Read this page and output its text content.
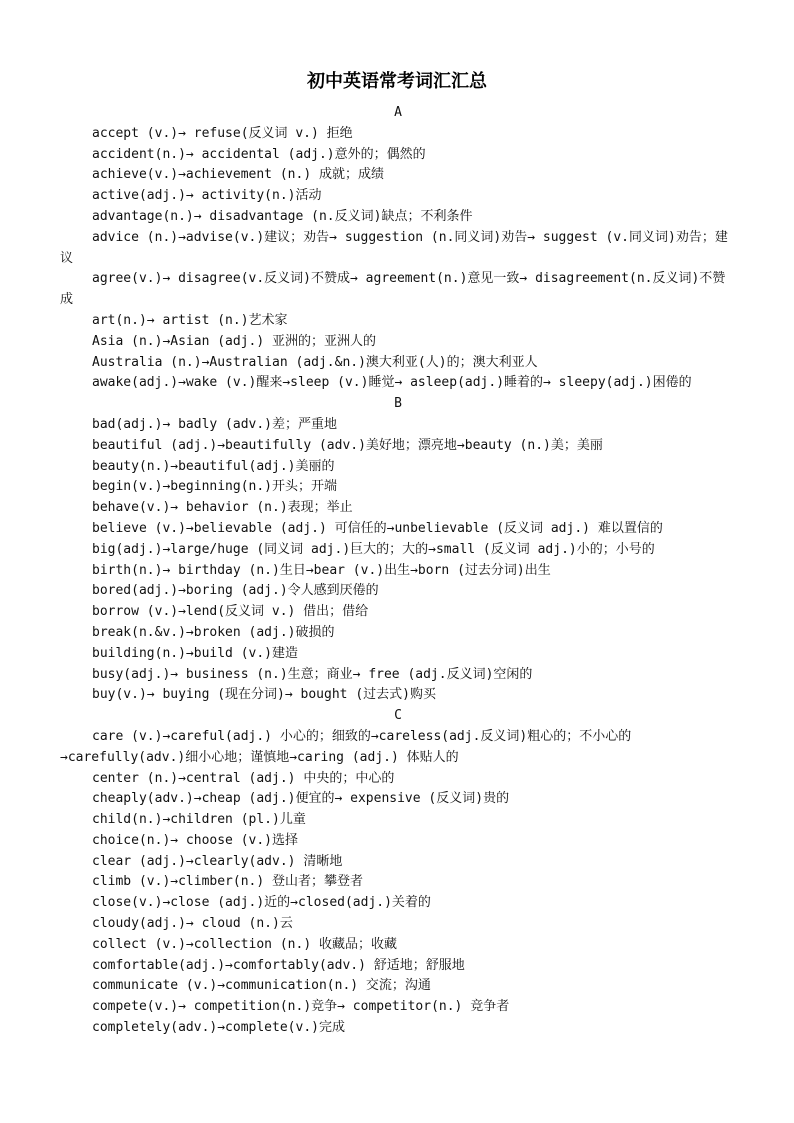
初中英语常考词汇汇总
A
accept (v.)→ refuse(反义词 v.) 拒绝
accident(n.)→ accidental (adj.)意外的；偶然的
achieve(v.)→achievement (n.) 成就；成绩
active(adj.)→ activity(n.)活动
advantage(n.)→ disadvantage (n.反义词)缺点；不利条件
advice (n.)→advise(v.)建议；劝告→ suggestion (n.同义词)劝告→ suggest (v.同义词)劝告；建议
agree(v.)→ disagree(v.反义词)不赞成→ agreement(n.)意见一致→ disagreement(n.反义词)不赞成
art(n.)→ artist (n.)艺术家
Asia (n.)→Asian (adj.) 亚洲的；亚洲人的
Australia (n.)→Australian (adj.&n.)澳大利亚(人)的；澳大利亚人
awake(adj.)→wake (v.)醒来→sleep (v.)睡觉→ asleep(adj.)睡着的→ sleepy(adj.)困倦的
B
bad(adj.)→ badly (adv.)差；严重地
beautiful (adj.)→beautifully (adv.)美好地；漂亮地→beauty (n.)美；美丽
beauty(n.)→beautiful(adj.)美丽的
begin(v.)→beginning(n.)开头；开端
behave(v.)→ behavior (n.)表现；举止
believe (v.)→believable (adj.) 可信任的→unbelievable (反义词 adj.) 难以置信的
big(adj.)→large/huge (同义词 adj.)巨大的；大的→small (反义词 adj.)小的；小号的
birth(n.)→ birthday (n.)生日→bear (v.)出生→born (过去分词)出生
bored(adj.)→boring (adj.)令人感到厌倦的
borrow (v.)→lend(反义词 v.) 借出；借给
break(n.&v.)→broken (adj.)破损的
building(n.)→build (v.)建造
busy(adj.)→ business (n.)生意；商业→ free (adj.反义词)空闲的
buy(v.)→ buying (现在分词)→ bought (过去式)购买
C
care (v.)→careful(adj.) 小心的；细致的→careless(adj.反义词)粗心的；不小心的→carefully(adv.)细小心地；谨慎地→caring (adj.) 体贴人的
center (n.)→central (adj.) 中央的；中心的
cheaply(adv.)→cheap (adj.)便宜的→ expensive (反义词)贵的
child(n.)→children (pl.)儿童
choice(n.)→ choose (v.)选择
clear (adj.)→clearly(adv.) 清晰地
climb (v.)→climber(n.) 登山者；攀登者
close(v.)→close (adj.)近的→closed(adj.)关着的
cloudy(adj.)→ cloud (n.)云
collect (v.)→collection (n.) 收藏品；收藏
comfortable(adj.)→comfortably(adv.) 舒适地；舒服地
communicate (v.)→communication(n.) 交流；沟通
compete(v.)→ competition(n.)竞争→ competitor(n.) 竞争者
completely(adv.)→complete(v.)完成
